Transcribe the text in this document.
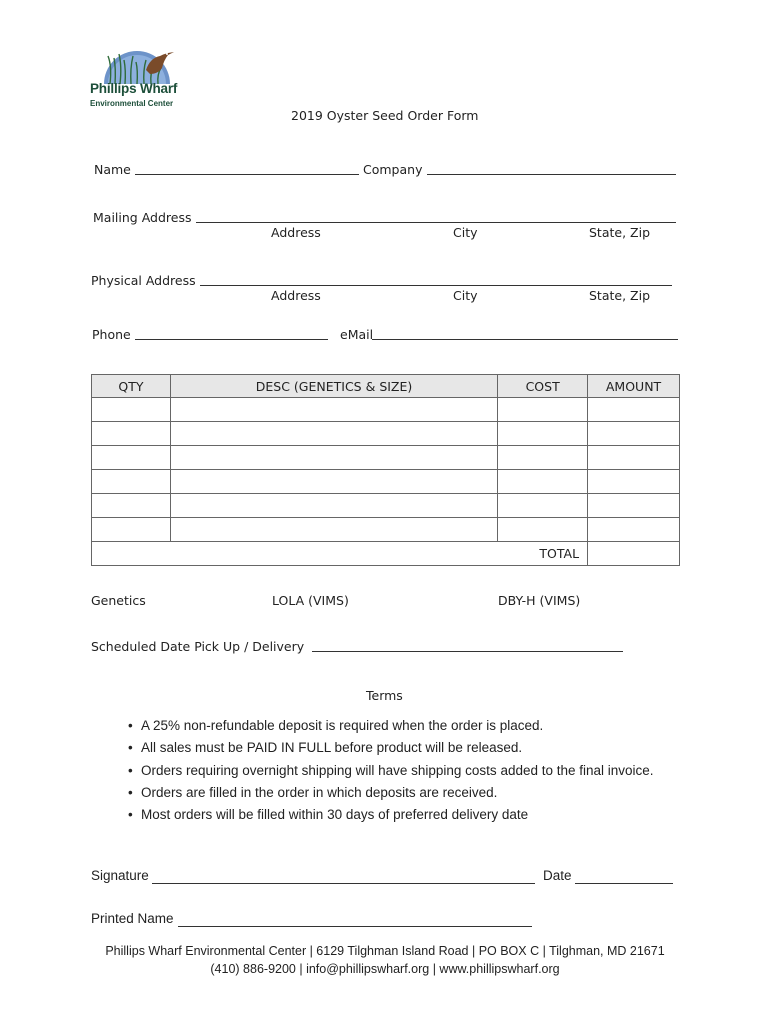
Phillips Wharf
Environmental Center
2019 Oyster Seed Order Form
Name	Company
Mailing Address
Address	City	State, Zip
Physical Address
Address	City	State, Zip
Phone	eMail
QTY	DESC (GENETICS & SIZE)	COST	AMOUNT

TOTAL			
Genetics	LOLA (VIMS)	DBY-H (VIMS)
Scheduled Date Pick Up / Delivery
Terms
• A 25% non-refundable deposit is required when the order is placed.
• All sales must be PAID IN FULL before product will be released.
• Orders requiring overnight shipping will have shipping costs added to the final invoice.
• Orders are filled in the order in which deposits are received.
• Most orders will be filled within 30 days of preferred delivery date
Signature	Date
Printed Name
Phillips Wharf Environmental Center | 6129 Tilghman Island Road | PO BOX C | Tilghman, MD 21671
(410) 886-9200 | info@phillipswharf.org | www.phillipswharf.org
